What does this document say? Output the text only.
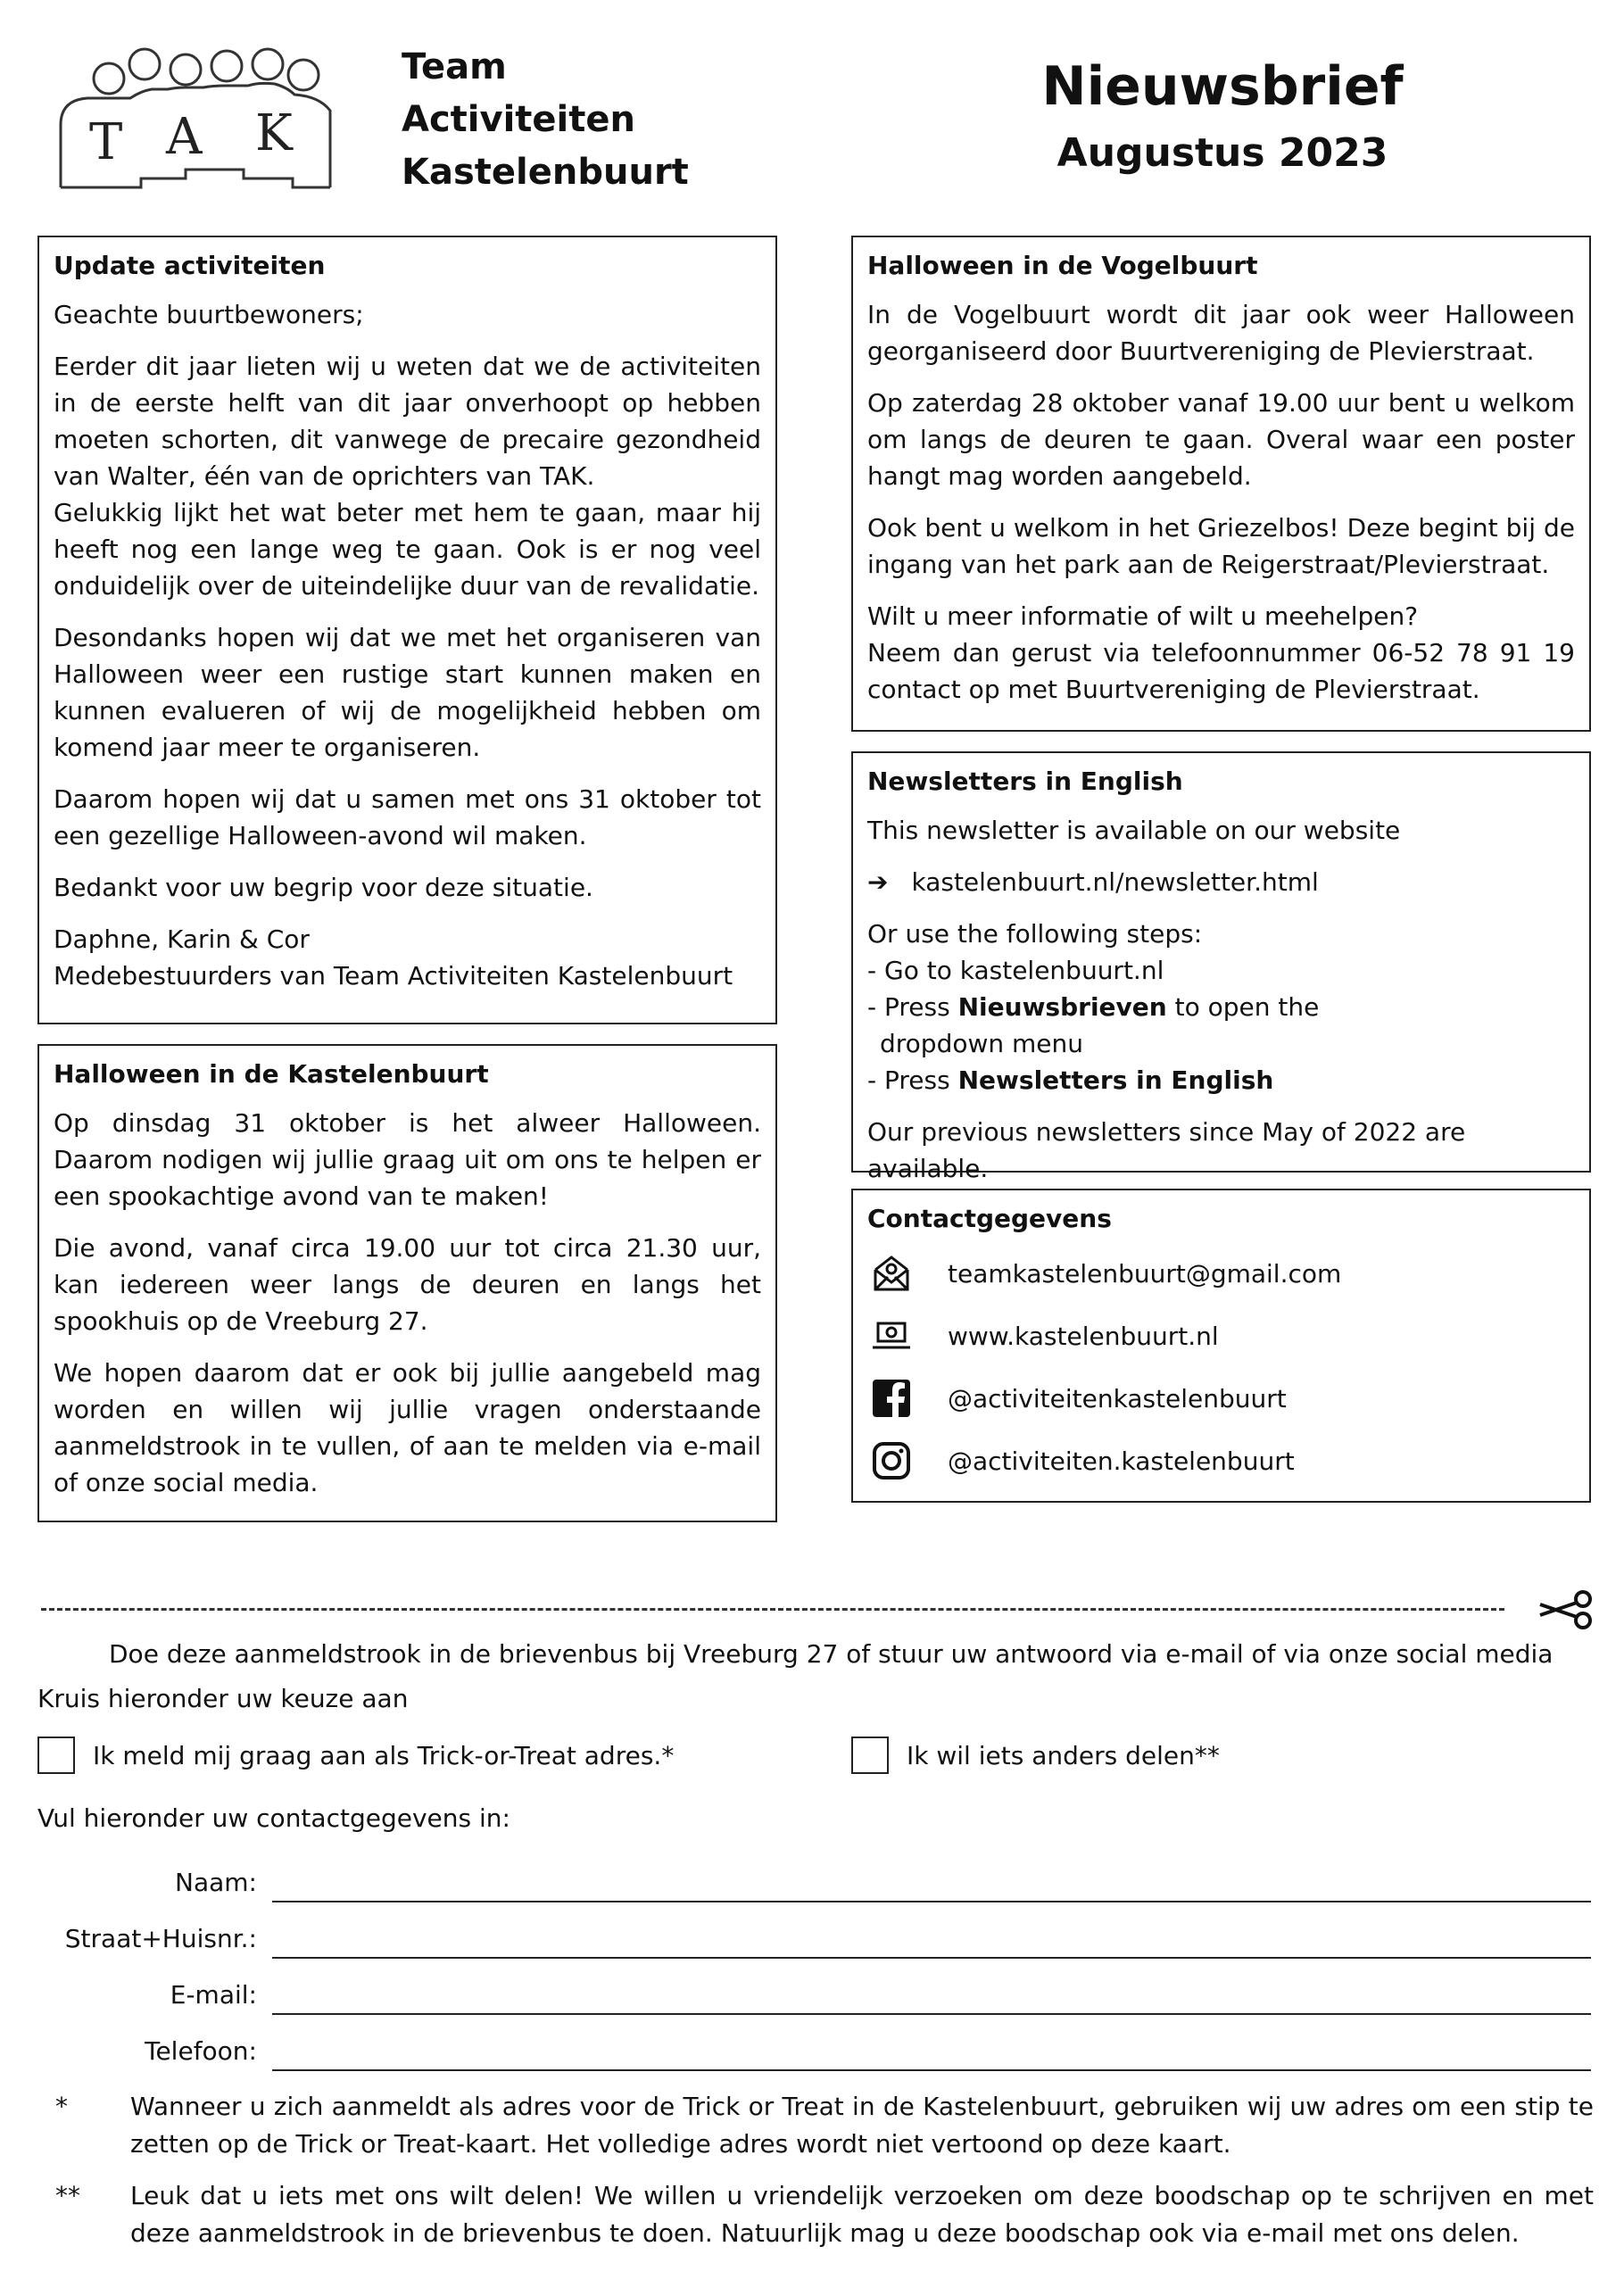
T A K
Team
Activiteiten
Kastelenbuurt
Nieuwsbrief
Augustus 2023
Update activiteiten

Geachte buurtbewoners;

Eerder dit jaar lieten wij u weten dat we de activiteiten in de eerste helft van dit jaar onverhoopt op hebben moeten schorten, dit vanwege de precaire gezondheid van Walter, één van de oprichters van TAK.
Gelukkig lijkt het wat beter met hem te gaan, maar hij heeft nog een lange weg te gaan. Ook is er nog veel onduidelijk over de uiteindelijke duur van de revalidatie.

Desondanks hopen wij dat we met het organiseren van Halloween weer een rustige start kunnen maken en kunnen evalueren of wij de mogelijkheid hebben om komend jaar meer te organiseren.

Daarom hopen wij dat u samen met ons 31 oktober tot een gezellige Halloween-avond wil maken.

Bedankt voor uw begrip voor deze situatie.

Daphne, Karin & Cor
Medebestuurders van Team Activiteiten Kastelenbuurt

Halloween in de Kastelenbuurt

Op dinsdag 31 oktober is het alweer Halloween. Daarom nodigen wij jullie graag uit om ons te helpen er een spookachtige avond van te maken!

Die avond, vanaf circa 19.00 uur tot circa 21.30 uur, kan iedereen weer langs de deuren en langs het spookhuis op de Vreeburg 27.

We hopen daarom dat er ook bij jullie aangebeld mag worden en willen wij jullie vragen onderstaande aanmeldstrook in te vullen, of aan te melden via e-mail of onze social media.

Halloween in de Vogelbuurt

In de Vogelbuurt wordt dit jaar ook weer Halloween georganiseerd door Buurtvereniging de Plevierstraat.

Op zaterdag 28 oktober vanaf 19.00 uur bent u welkom om langs de deuren te gaan. Overal waar een poster hangt mag worden aangebeld.

Ook bent u welkom in het Griezelbos! Deze begint bij de ingang van het park aan de Reigerstraat/Plevierstraat.

Wilt u meer informatie of wilt u meehelpen?
Neem dan gerust via telefoonnummer 06-52 78 91 19 contact op met Buurtvereniging de Plevierstraat.

Newsletters in English

This newsletter is available on our website

➔ kastelenbuurt.nl/newsletter.html

Or use the following steps:
- Go to kastelenbuurt.nl
- Press Nieuwsbrieven to open the
dropdown menu
- Press Newsletters in English

Our previous newsletters since May of 2022 are available.

Contactgegevens
teamkastelenbuurt@gmail.com
www.kastelenbuurt.nl
@activiteitenkastelenbuurt
@activiteiten.kastelenbuurt
Doe deze aanmeldstrook in de brievenbus bij Vreeburg 27 of stuur uw antwoord via e-mail of via onze social media
Kruis hieronder uw keuze aan
Ik meld mij graag aan als Trick-or-Treat adres.*	Ik wil iets anders delen**
Vul hieronder uw contactgegevens in:
Naam:
Straat+Huisnr.:
E-mail:
Telefoon:
*	Wanneer u zich aanmeldt als adres voor de Trick or Treat in de Kastelenbuurt, gebruiken wij uw adres om een stip te zetten op de Trick or Treat-kaart. Het volledige adres wordt niet vertoond op deze kaart.
** Leuk dat u iets met ons wilt delen! We willen u vriendelijk verzoeken om deze boodschap op te schrijven en met deze aanmeldstrook in de brievenbus te doen. Natuurlijk mag u deze boodschap ook via e-mail met ons delen.
